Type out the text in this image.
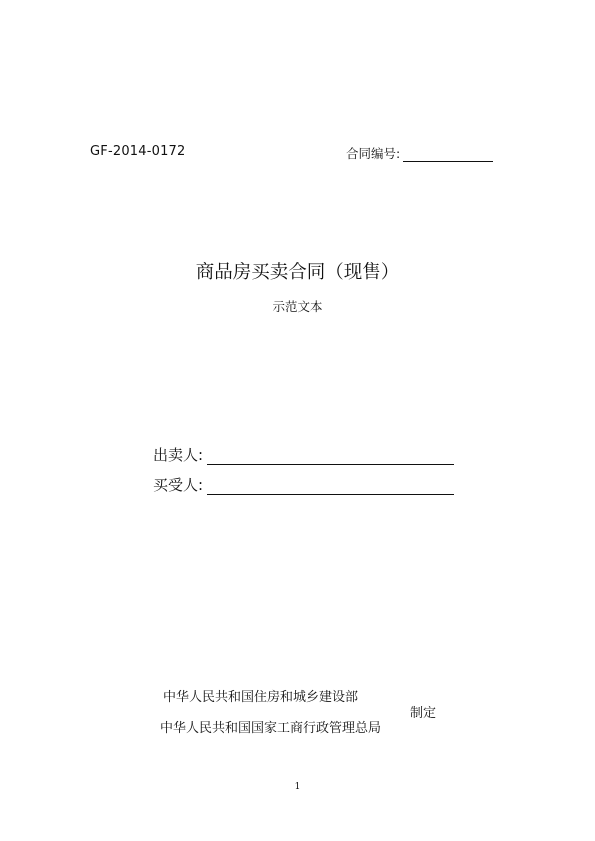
GF-2014-0172	合同编号:
商品房买卖合同（现售）
示范文本
出卖人:
买受人:
中华人民共和国住房和城乡建设部
中华人民共和国国家工商行政管理总局
制定
1
